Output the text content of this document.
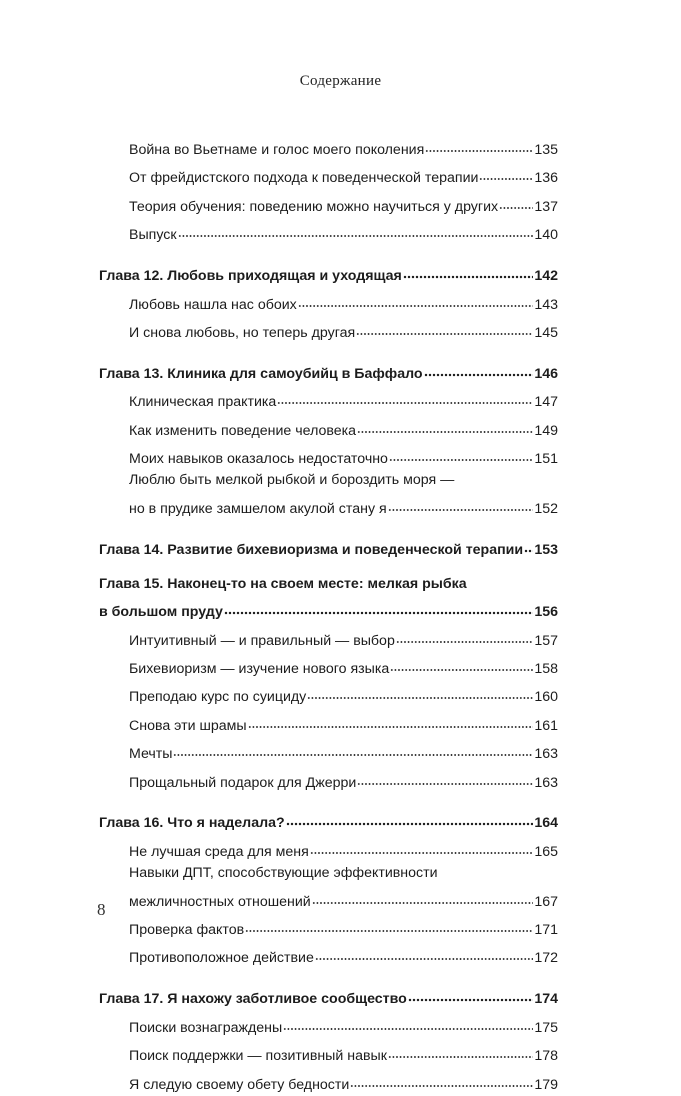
Содержание
Война во Вьетнаме и голос моего поколения	135
От фрейдистского подхода к поведенческой терапии	136
Теория обучения: поведению можно научиться у других	137
Выпуск	140
Глава 12. Любовь приходящая и уходящая	142
Любовь нашла нас обоих	143
И снова любовь, но теперь другая	145
Глава 13. Клиника для самоубийц в Баффало	146
Клиническая практика	147
Как изменить поведение человека	149
Моих навыков оказалось недостаточно	151
Люблю быть мелкой рыбкой и бороздить моря —
но в прудике замшелом акулой стану я	152
Глава 14. Развитие бихевиоризма и поведенческой терапии 153
Глава 15. Наконец-то на своем месте: мелкая рыбка
в большом пруду	156
Интуитивный — и правильный — выбор	157
Бихевиоризм — изучение нового языка	158
Преподаю курс по суициду	160
Снова эти шрамы	161
Мечты	163
Прощальный подарок для Джерри	163
Глава 16. Что я наделала?	164
Не лучшая среда для меня	165
Навыки ДПТ, способствующие эффективности
межличностных отношений	167
Проверка фактов	171
Противоположное действие	172
Глава 17. Я нахожу заботливое сообщество	174
Поиски вознаграждены	175
Поиск поддержки — позитивный навык	178
Я следую своему обету бедности	179
8
